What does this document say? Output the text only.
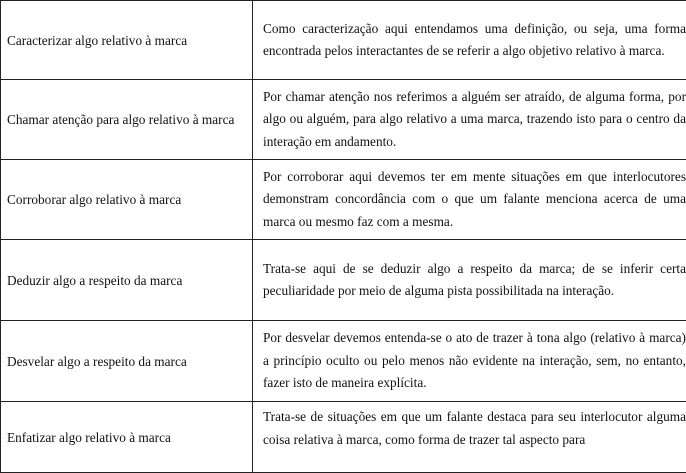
Caracterizar algo relativo à marca	Como caracterização aqui entendamos uma definição, ou seja, uma forma encontrada pelos interactantes de se referir a algo objetivo relativo à marca.
Chamar atenção para algo relativo à marca	Por chamar atenção nos referimos a alguém ser atraído, de alguma forma, por algo ou alguém, para algo relativo a uma marca, trazendo isto para o centro da interação em andamento.
Corroborar algo relativo à marca	Por corroborar aqui devemos ter em mente situações em que interlocutores demonstram concordância com o que um falante menciona acerca de uma marca ou mesmo faz com a mesma.
Deduzir algo a respeito da marca	Trata-se aqui de se deduzir algo a respeito da marca; de se inferir certa peculiaridade por meio de alguma pista possibilitada na interação.
Desvelar algo a respeito da marca	Por desvelar devemos entenda-se o ato de trazer à tona algo (relativo à marca) a princípio oculto ou pelo menos não evidente na interação, sem, no entanto, fazer isto de maneira explícita.
Enfatizar algo relativo à marca	Trata-se de situações em que um falante destaca para seu interlocutor alguma coisa relativa à marca, como forma de trazer tal aspecto para
